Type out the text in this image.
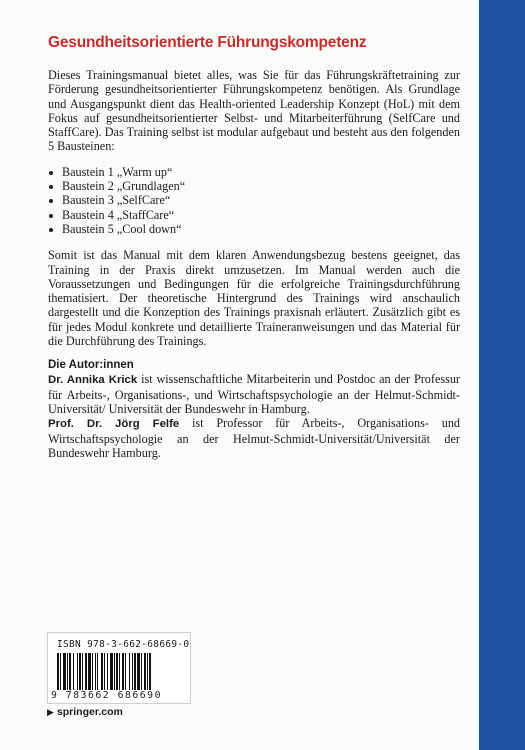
Gesundheitsorientierte Führungskompetenz

Dieses Trainingsmanual bietet alles, was Sie für das Führungskräftetraining zur Förderung gesundheitsorientierter Führungskompetenz benötigen. Als Grundlage und Ausgangspunkt dient das Health-oriented Leadership Konzept (HoL) mit dem Fokus auf gesundheitsorientierter Selbst- und Mitarbeiterführung (SelfCare und StaffCare). Das Training selbst ist modular aufgebaut und besteht aus den folgenden 5 Bausteinen:

Baustein 1 „Warm up“
Baustein 2 „Grundlagen“
Baustein 3 „SelfCare“
Baustein 4 „StaffCare“
Baustein 5 „Cool down“

Somit ist das Manual mit dem klaren Anwendungsbezug bestens geeignet, das Training in der Praxis direkt umzusetzen. Im Manual werden auch die Voraussetzungen und Bedingungen für die erfolgreiche Trainingsdurchführung thematisiert. Der theoretische Hintergrund des Trainings wird anschaulich dargestellt und die Konzeption des Trainings praxisnah erläutert. Zusätzlich gibt es für jedes Modul konkrete und detaillierte Traineranweisungen und das Material für die Durchführung des Trainings.

Die Autor:innen

Dr. Annika Krick ist wissenschaftliche Mitarbeiterin und Postdoc an der Professur für Arbeits-, Organisations-, und Wirtschaftspsychologie an der Helmut-Schmidt-Universität/ Universität der Bundeswehr in Hamburg.

Prof. Dr. Jörg Felfe ist Professor für Arbeits-, Organisations- und Wirtschaftspsychologie an der Helmut-Schmidt-Universität/Universität der Bundeswehr Hamburg.

ISBN 978-3-662-68669-0
9 783662 686690
▶ springer.com
